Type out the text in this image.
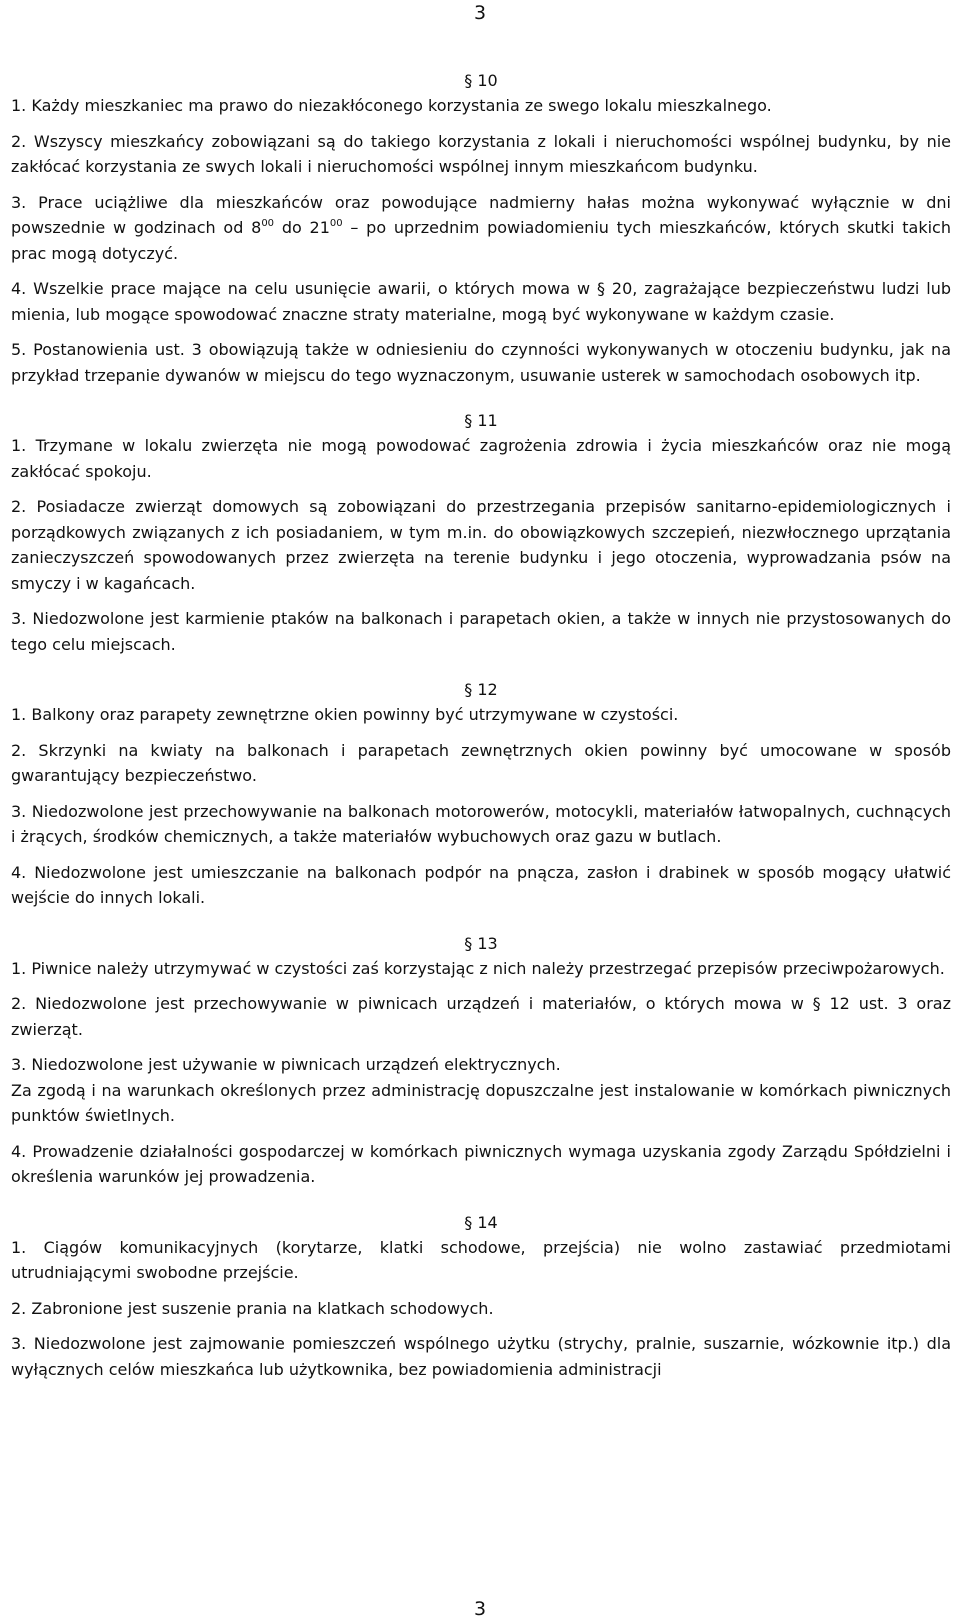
3
§ 10

1. Każdy mieszkaniec ma prawo do niezakłóconego korzystania ze swego lokalu mieszkalnego.

2. Wszyscy mieszkańcy zobowiązani są do takiego korzystania z lokali i nieruchomości wspólnej budynku, by nie zakłócać korzystania ze swych lokali i nieruchomości wspólnej innym mieszkańcom budynku.

3. Prace uciążliwe dla mieszkańców oraz powodujące nadmierny hałas można wykonywać wyłącznie w dni powszednie w godzinach od $8^{00}$ do $21^{00}$ – po uprzednim powiadomieniu tych mieszkańców, których skutki takich prac mogą dotyczyć.

4. Wszelkie prace mające na celu usunięcie awarii, o których mowa w § 20, zagrażające bezpieczeństwu ludzi lub mienia, lub mogące spowodować znaczne straty materialne, mogą być wykonywane w każdym czasie.

5. Postanowienia ust. 3 obowiązują także w odniesieniu do czynności wykonywanych w otoczeniu budynku, jak na przykład trzepanie dywanów w miejscu do tego wyznaczonym, usuwanie usterek w samochodach osobowych itp.

§ 11

1. Trzymane w lokalu zwierzęta nie mogą powodować zagrożenia zdrowia i życia mieszkańców oraz nie mogą zakłócać spokoju.

2. Posiadacze zwierząt domowych są zobowiązani do przestrzegania przepisów sanitarno-epidemiologicznych i porządkowych związanych z ich posiadaniem, w tym m.in. do obowiązkowych szczepień, niezwłocznego uprzątania zanieczyszczeń spowodowanych przez zwierzęta na terenie budynku i jego otoczenia, wyprowadzania psów na smyczy i w kagańcach.

3. Niedozwolone jest karmienie ptaków na balkonach i parapetach okien, a także w innych nie przystosowanych do tego celu miejscach.

§ 12

1. Balkony oraz parapety zewnętrzne okien powinny być utrzymywane w czystości.

2. Skrzynki na kwiaty na balkonach i parapetach zewnętrznych okien powinny być umocowane w sposób gwarantujący bezpieczeństwo.

3. Niedozwolone jest przechowywanie na balkonach motorowerów, motocykli, materiałów łatwopalnych, cuchnących i żrących, środków chemicznych, a także materiałów wybuchowych oraz gazu w butlach.

4. Niedozwolone jest umieszczanie na balkonach podpór na pnącza, zasłon i drabinek w sposób mogący ułatwić wejście do innych lokali.

§ 13

1. Piwnice należy utrzymywać w czystości zaś korzystając z nich należy przestrzegać przepisów przeciwpożarowych.

2. Niedozwolone jest przechowywanie w piwnicach urządzeń i materiałów, o których mowa w § 12 ust. 3 oraz zwierząt.

3. Niedozwolone jest używanie w piwnicach urządzeń elektrycznych.

Za zgodą i na warunkach określonych przez administrację dopuszczalne jest instalowanie w komórkach piwnicznych punktów świetlnych.

4. Prowadzenie działalności gospodarczej w komórkach piwnicznych wymaga uzyskania zgody Zarządu Spółdzielni i określenia warunków jej prowadzenia.

§ 14

1. Ciągów komunikacyjnych (korytarze, klatki schodowe, przejścia) nie wolno zastawiać przedmiotami utrudniającymi swobodne przejście.

2. Zabronione jest suszenie prania na klatkach schodowych.

3. Niedozwolone jest zajmowanie pomieszczeń wspólnego użytku (strychy, pralnie, suszarnie, wózkownie itp.) dla wyłącznych celów mieszkańca lub użytkownika, bez powiadomienia administracji

3
